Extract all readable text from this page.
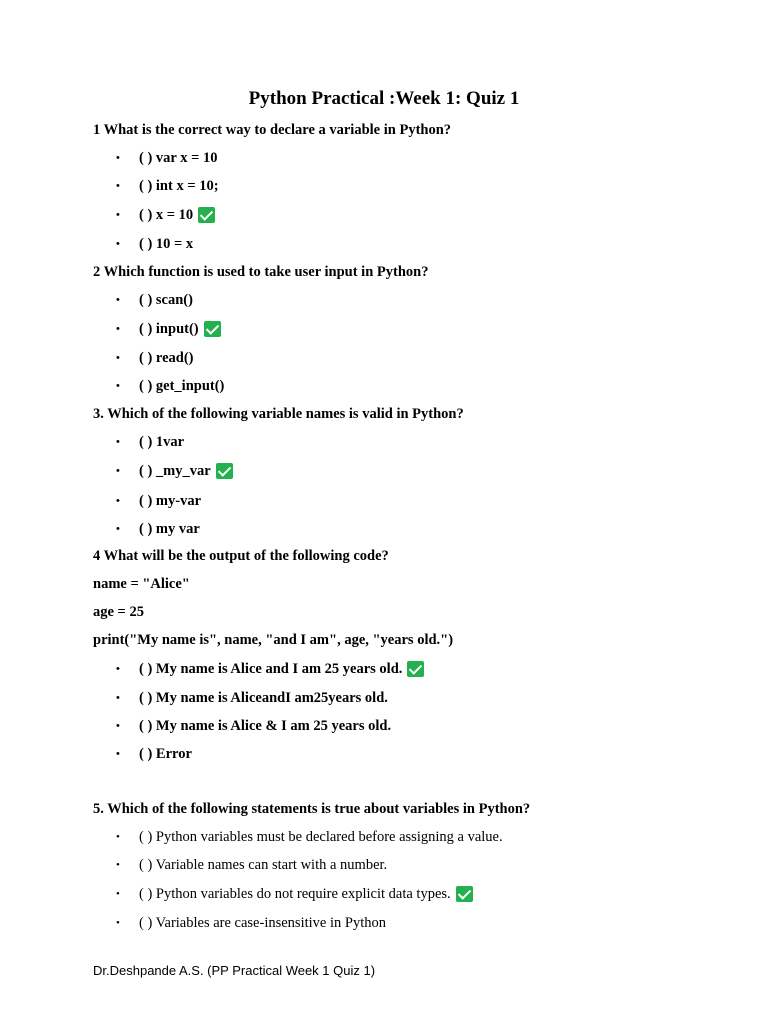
Python Practical :Week 1: Quiz 1
1 What is the correct way to declare a variable in Python?
•	( ) var x = 10
•	( ) int x = 10;
•	( ) x = 10
•	( ) 10 = x
2 Which function is used to take user input in Python?
•	( ) scan()
•	( ) input()
•	( ) read()
•	( ) get_input()
3. Which of the following variable names is valid in Python?
•	( ) 1var
•	( ) _my_var
•	( ) my-var
•	( ) my var
4 What will be the output of the following code?
name = "Alice"
age = 25
print("My name is", name, "and I am", age, "years old.")
•	( ) My name is Alice and I am 25 years old.
•	( ) My name is AliceandI am25years old.
•	( ) My name is Alice & I am 25 years old.
•	( ) Error
5. Which of the following statements is true about variables in Python?
•	( ) Python variables must be declared before assigning a value.
•	( ) Variable names can start with a number.
•	( ) Python variables do not require explicit data types.
•	( ) Variables are case-insensitive in Python
Dr.Deshpande A.S. (PP Practical Week 1 Quiz 1)
